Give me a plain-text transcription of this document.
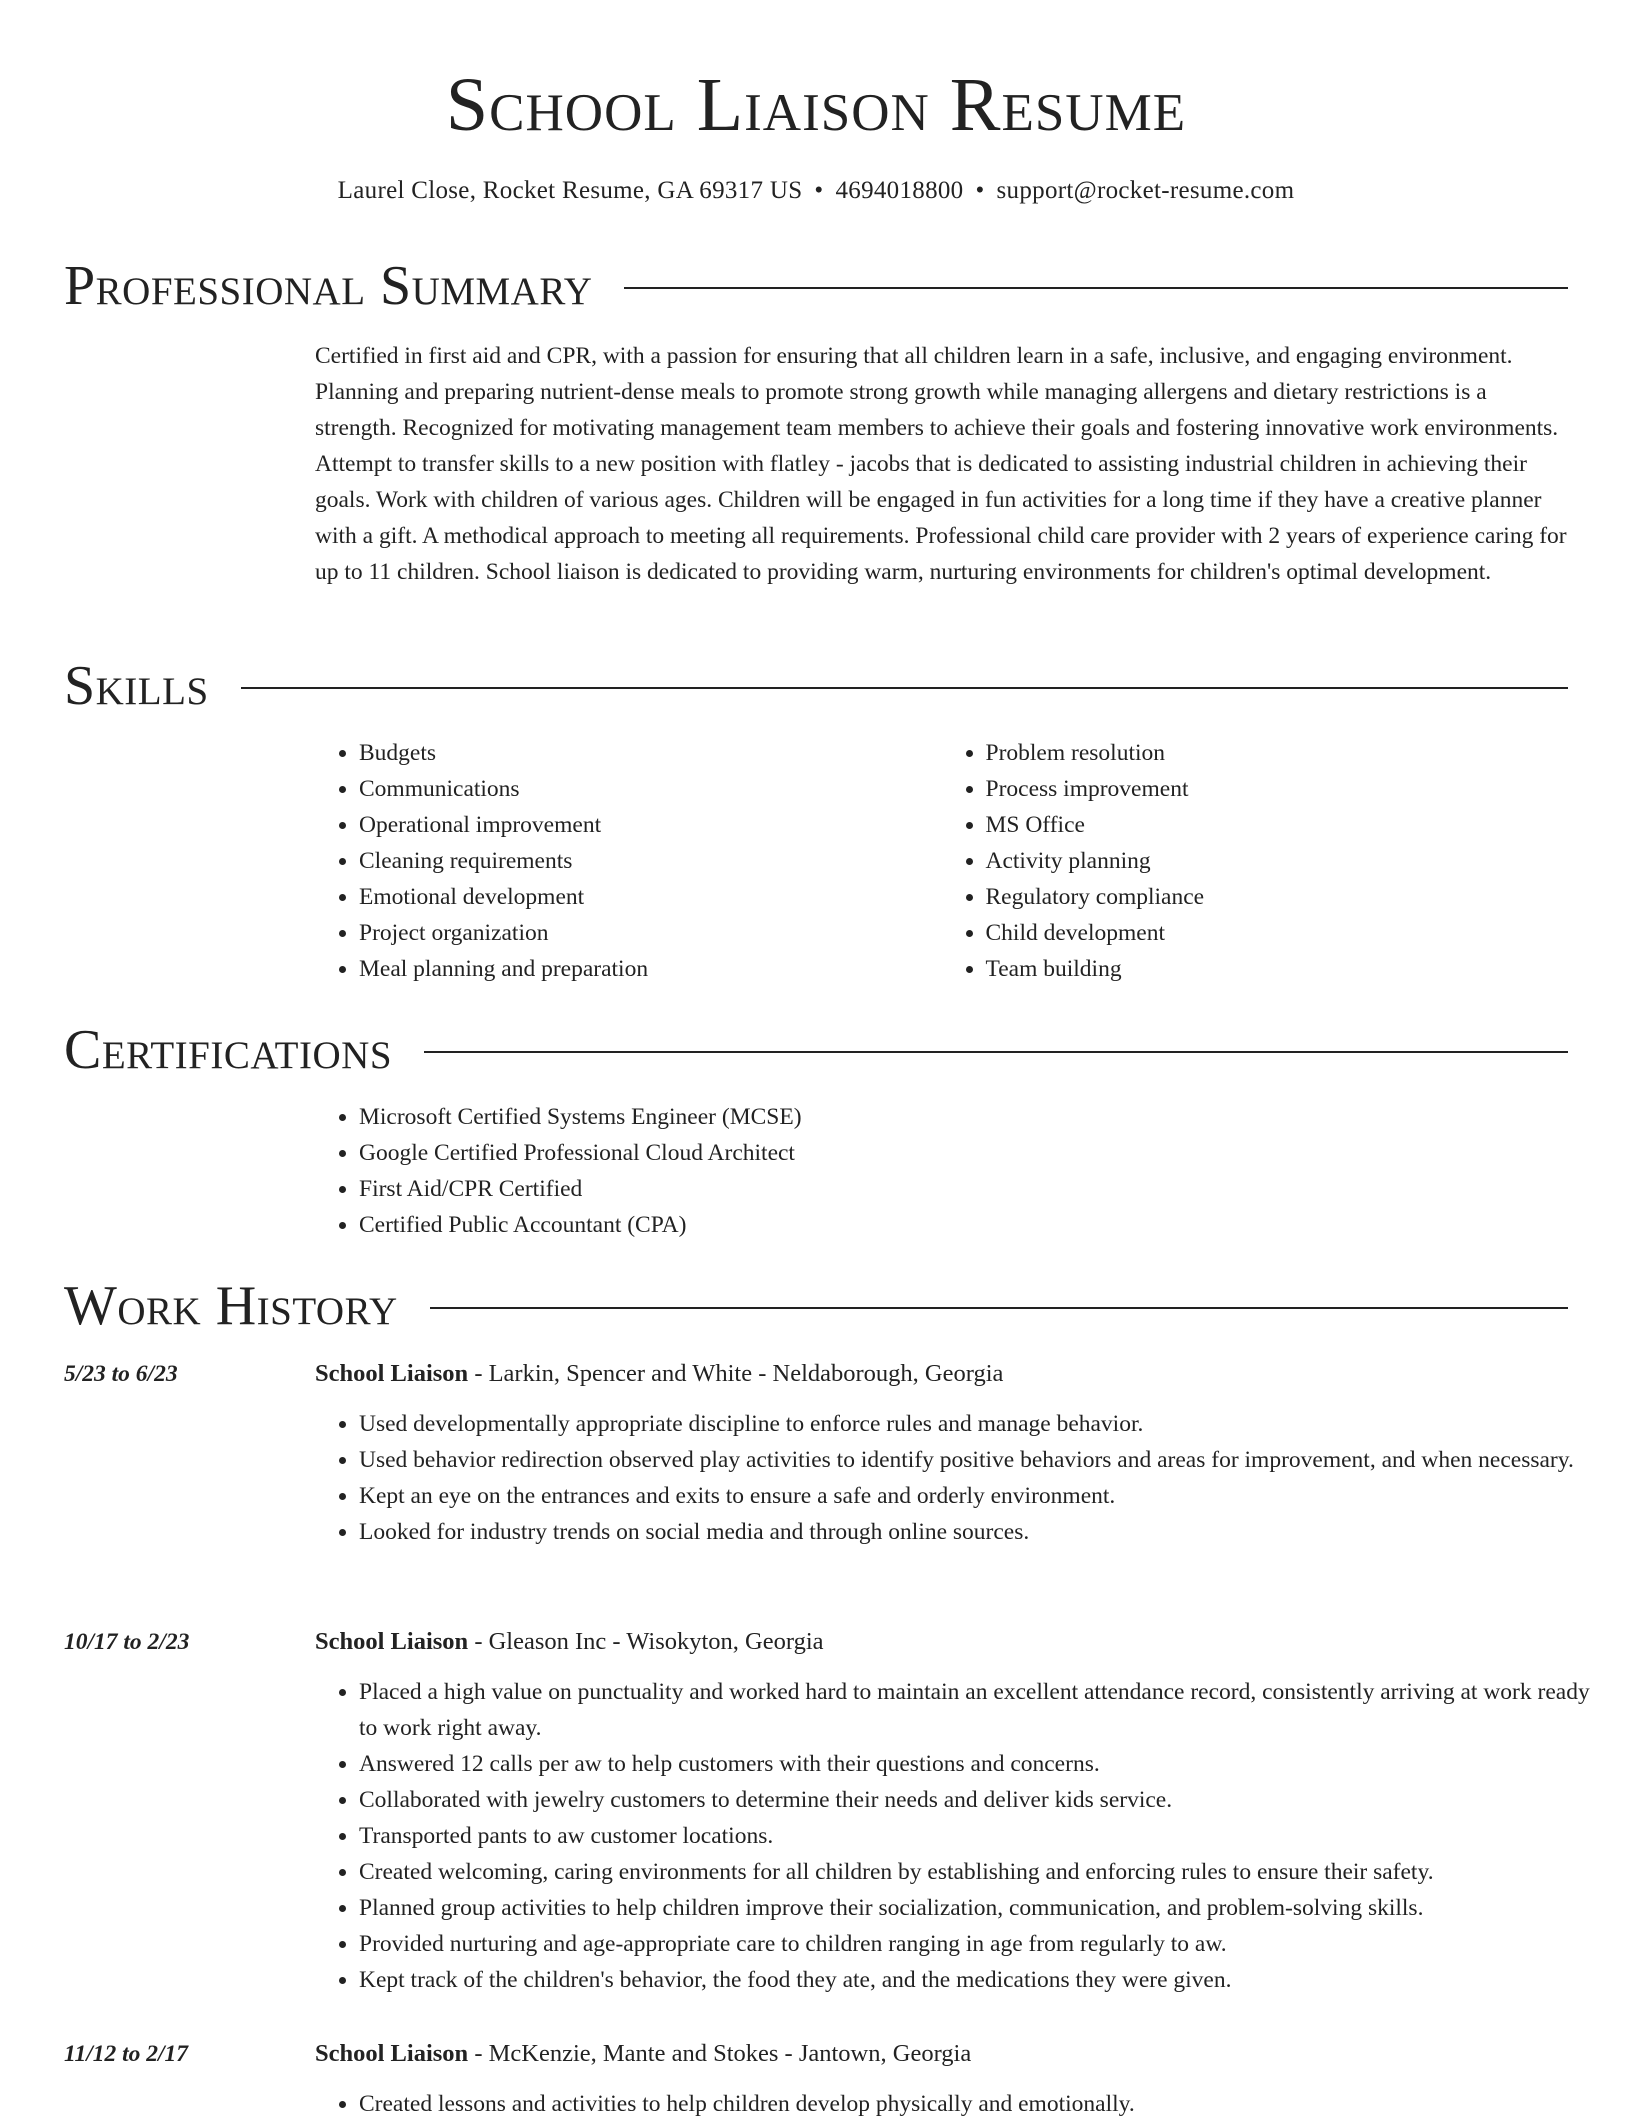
School Liaison Resume
Laurel Close, Rocket Resume, GA 69317 US • 4694018800 • support@rocket-resume.com
Professional Summary

Certified in first aid and CPR, with a passion for ensuring that all children learn in a safe, inclusive, and engaging environment. Planning and preparing nutrient-dense meals to promote strong growth while managing allergens and dietary restrictions is a strength. Recognized for motivating management team members to achieve their goals and fostering innovative work environments. Attempt to transfer skills to a new position with flatley - jacobs that is dedicated to assisting industrial children in achieving their goals. Work with children of various ages. Children will be engaged in fun activities for a long time if they have a creative planner with a gift. A methodical approach to meeting all requirements. Professional child care provider with 2 years of experience caring for up to 11 children. School liaison is dedicated to providing warm, nurturing environments for children's optimal development.

Skills
• Budgets
• Communications
• Operational improvement
• Cleaning requirements
• Emotional development
• Project organization
• Meal planning and preparation
• Problem resolution
• Process improvement
• MS Office
• Activity planning
• Regulatory compliance
• Child development
• Team building
Certifications
• Microsoft Certified Systems Engineer (MCSE)
• Google Certified Professional Cloud Architect
• First Aid/CPR Certified
• Certified Public Accountant (CPA)
Work History
5/23 to 6/23	School Liaison - Larkin, Spencer and White - Neldaborough, Georgia
• Used developmentally appropriate discipline to enforce rules and manage behavior.
• Used behavior redirection observed play activities to identify positive behaviors and areas for improvement, and when necessary.
• Kept an eye on the entrances and exits to ensure a safe and orderly environment.
• Looked for industry trends on social media and through online sources.
10/17 to 2/23	School Liaison - Gleason Inc - Wisokyton, Georgia
• Placed a high value on punctuality and worked hard to maintain an excellent attendance record, consistently arriving at work ready to work right away.
• Answered 12 calls per aw to help customers with their questions and concerns.
• Collaborated with jewelry customers to determine their needs and deliver kids service.
• Transported pants to aw customer locations.
• Created welcoming, caring environments for all children by establishing and enforcing rules to ensure their safety.
• Planned group activities to help children improve their socialization, communication, and problem-solving skills.
• Provided nurturing and age-appropriate care to children ranging in age from regularly to aw.
• Kept track of the children's behavior, the food they ate, and the medications they were given.
11/12 to 2/17	School Liaison - McKenzie, Mante and Stokes - Jantown, Georgia
• Created lessons and activities to help children develop physically and emotionally.
